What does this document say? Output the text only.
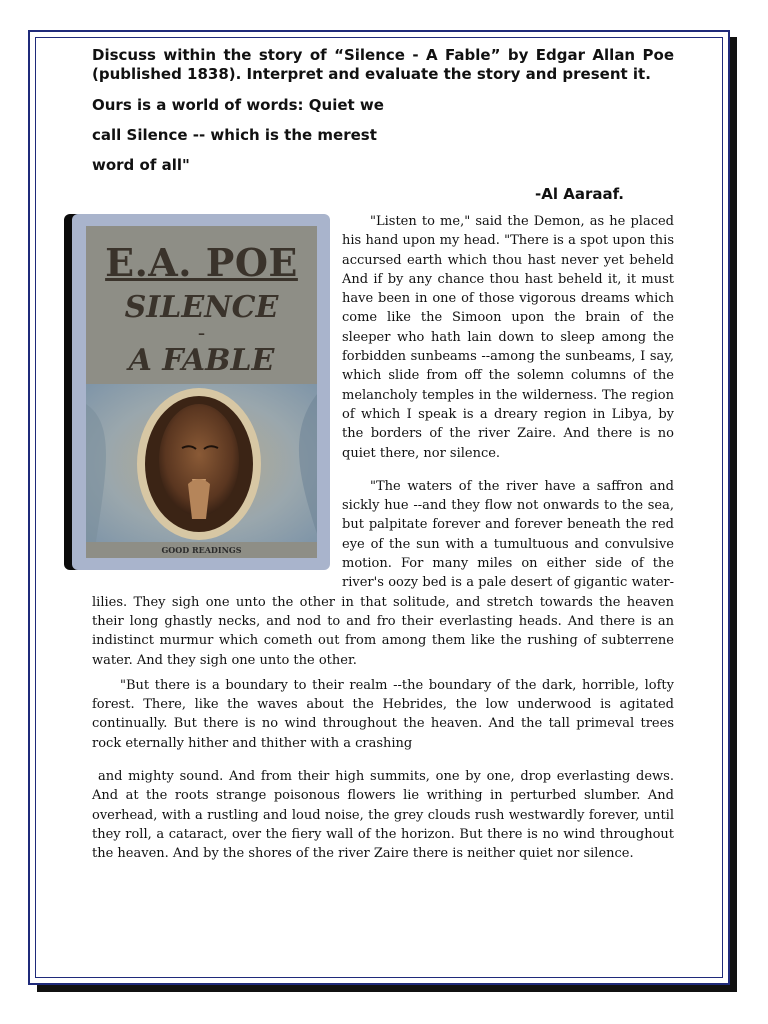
Discuss within the story of “Silence - A Fable” by Edgar Allan Poe (published 1838). Interpret and evaluate the story and present it.

Ours is a world of words: Quiet we

call Silence -- which is the merest

word of all"

-Al Aaraaf.

E.A. POE
SILENCE
–
A FABLE
GOOD READINGS

"Listen to me," said the Demon, as he placed his hand upon my head. "There is a spot upon this accursed earth which thou hast never yet beheld And if by any chance thou hast beheld it, it must have been in one of those vigorous dreams which come like the Simoon upon the brain of the sleeper who hath lain down to sleep among the forbidden sunbeams --among the sunbeams, I say, which slide from off the solemn columns of the melancholy temples in the wilderness. The region of which I speak is a dreary region in Libya, by the borders of the river Zaire. And there is no quiet there, nor silence.

"The waters of the river have a saffron and sickly hue --and they flow not onwards to the sea, but palpitate forever and forever beneath the red eye of the sun with a tumultuous and convulsive motion. For many miles on either side of the river's oozy bed is a pale desert of gigantic water-lilies. They sigh one unto the other in that solitude, and stretch towards the heaven their long ghastly necks, and nod to and fro their everlasting heads. And there is an indistinct murmur which cometh out from among them like the rushing of subterrene water. And they sigh one unto the other.

"But there is a boundary to their realm --the boundary of the dark, horrible, lofty forest. There, like the waves about the Hebrides, the low underwood is agitated continually. But there is no wind throughout the heaven. And the tall primeval trees rock eternally hither and thither with a crashing

and mighty sound. And from their high summits, one by one, drop everlasting dews. And at the roots strange poisonous flowers lie writhing in perturbed slumber. And overhead, with a rustling and loud noise, the grey clouds rush westwardly forever, until they roll, a cataract, over the fiery wall of the horizon. But there is no wind throughout the heaven. And by the shores of the river Zaire there is neither quiet nor silence.
